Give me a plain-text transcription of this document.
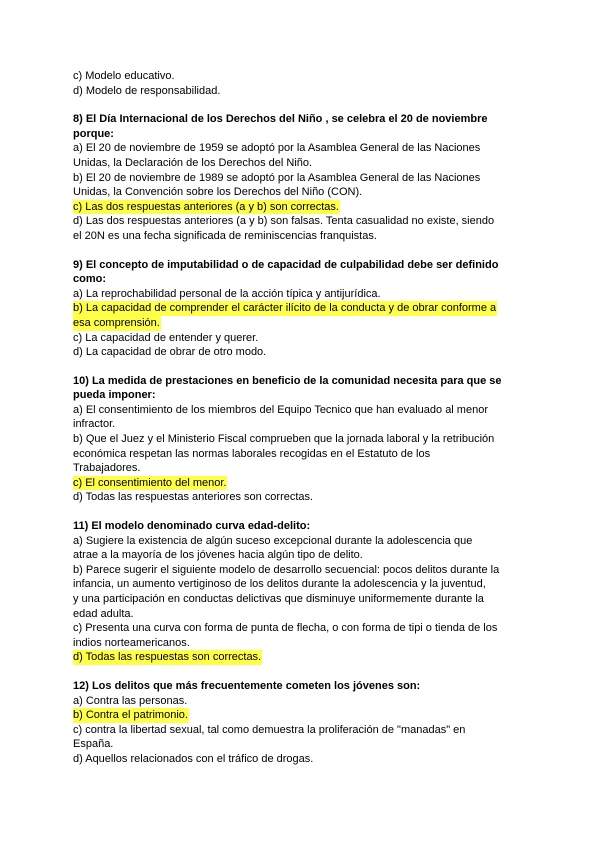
c) Modelo educativo.
d) Modelo de responsabilidad.
8) El Día Internacional de los Derechos del Niño , se celebra el 20 de noviembre
porque:
a) El 20 de noviembre de 1959 se adoptó por la Asamblea General de las Naciones
Unidas, la Declaración de los Derechos del Niño.
b) El 20 de noviembre de 1989 se adoptó por la Asamblea General de las Naciones
Unidas, la Convención sobre los Derechos del Niño (CON).
c) Las dos respuestas anteriores (a y b) son correctas.
d) Las dos respuestas anteriores (a y b) son falsas. Tenta casualidad no existe, siendo
el 20N es una fecha significada de reminiscencias franquistas.
9) El concepto de imputabilidad o de capacidad de culpabilidad debe ser definido
como:
a) La reprochabilidad personal de la acción típica y antijurídica.
b) La capacidad de comprender el carácter ilícito de la conducta y de obrar conforme a
esa comprensión.
c) La capacidad de entender y querer.
d) La capacidad de obrar de otro modo.
10) La medida de prestaciones en beneficio de la comunidad necesita para que se
pueda imponer:
a) El consentimiento de los miembros del Equipo Tecnico que han evaluado al menor
infractor.
b) Que el Juez y el Ministerio Fiscal comprueben que la jornada laboral y la retribución
económica respetan las normas laborales recogidas en el Estatuto de los
Trabajadores.
c) El consentimiento del menor.
d) Todas las respuestas anteriores son correctas.
11) El modelo denominado curva edad-delito:
a) Sugiere la existencia de algún suceso excepcional durante la adolescencia que
atrae a la mayoría de los jóvenes hacia algún tipo de delito.
b) Parece sugerir el siguiente modelo de desarrollo secuencial: pocos delitos durante la
infancia, un aumento vertiginoso de los delitos durante la adolescencia y la juventud,
y una participación en conductas delictivas que disminuye uniformemente durante la
edad adulta.
c) Presenta una curva con forma de punta de flecha, o con forma de tipi o tienda de los
indios norteamericanos.
d) Todas las respuestas son correctas.
12) Los delitos que más frecuentemente cometen los jóvenes son:
a) Contra las personas.
b) Contra el patrimonio.
c) contra la libertad sexual, tal como demuestra la proliferación de "manadas" en
España.
d) Aquellos relacionados con el tráfico de drogas.
